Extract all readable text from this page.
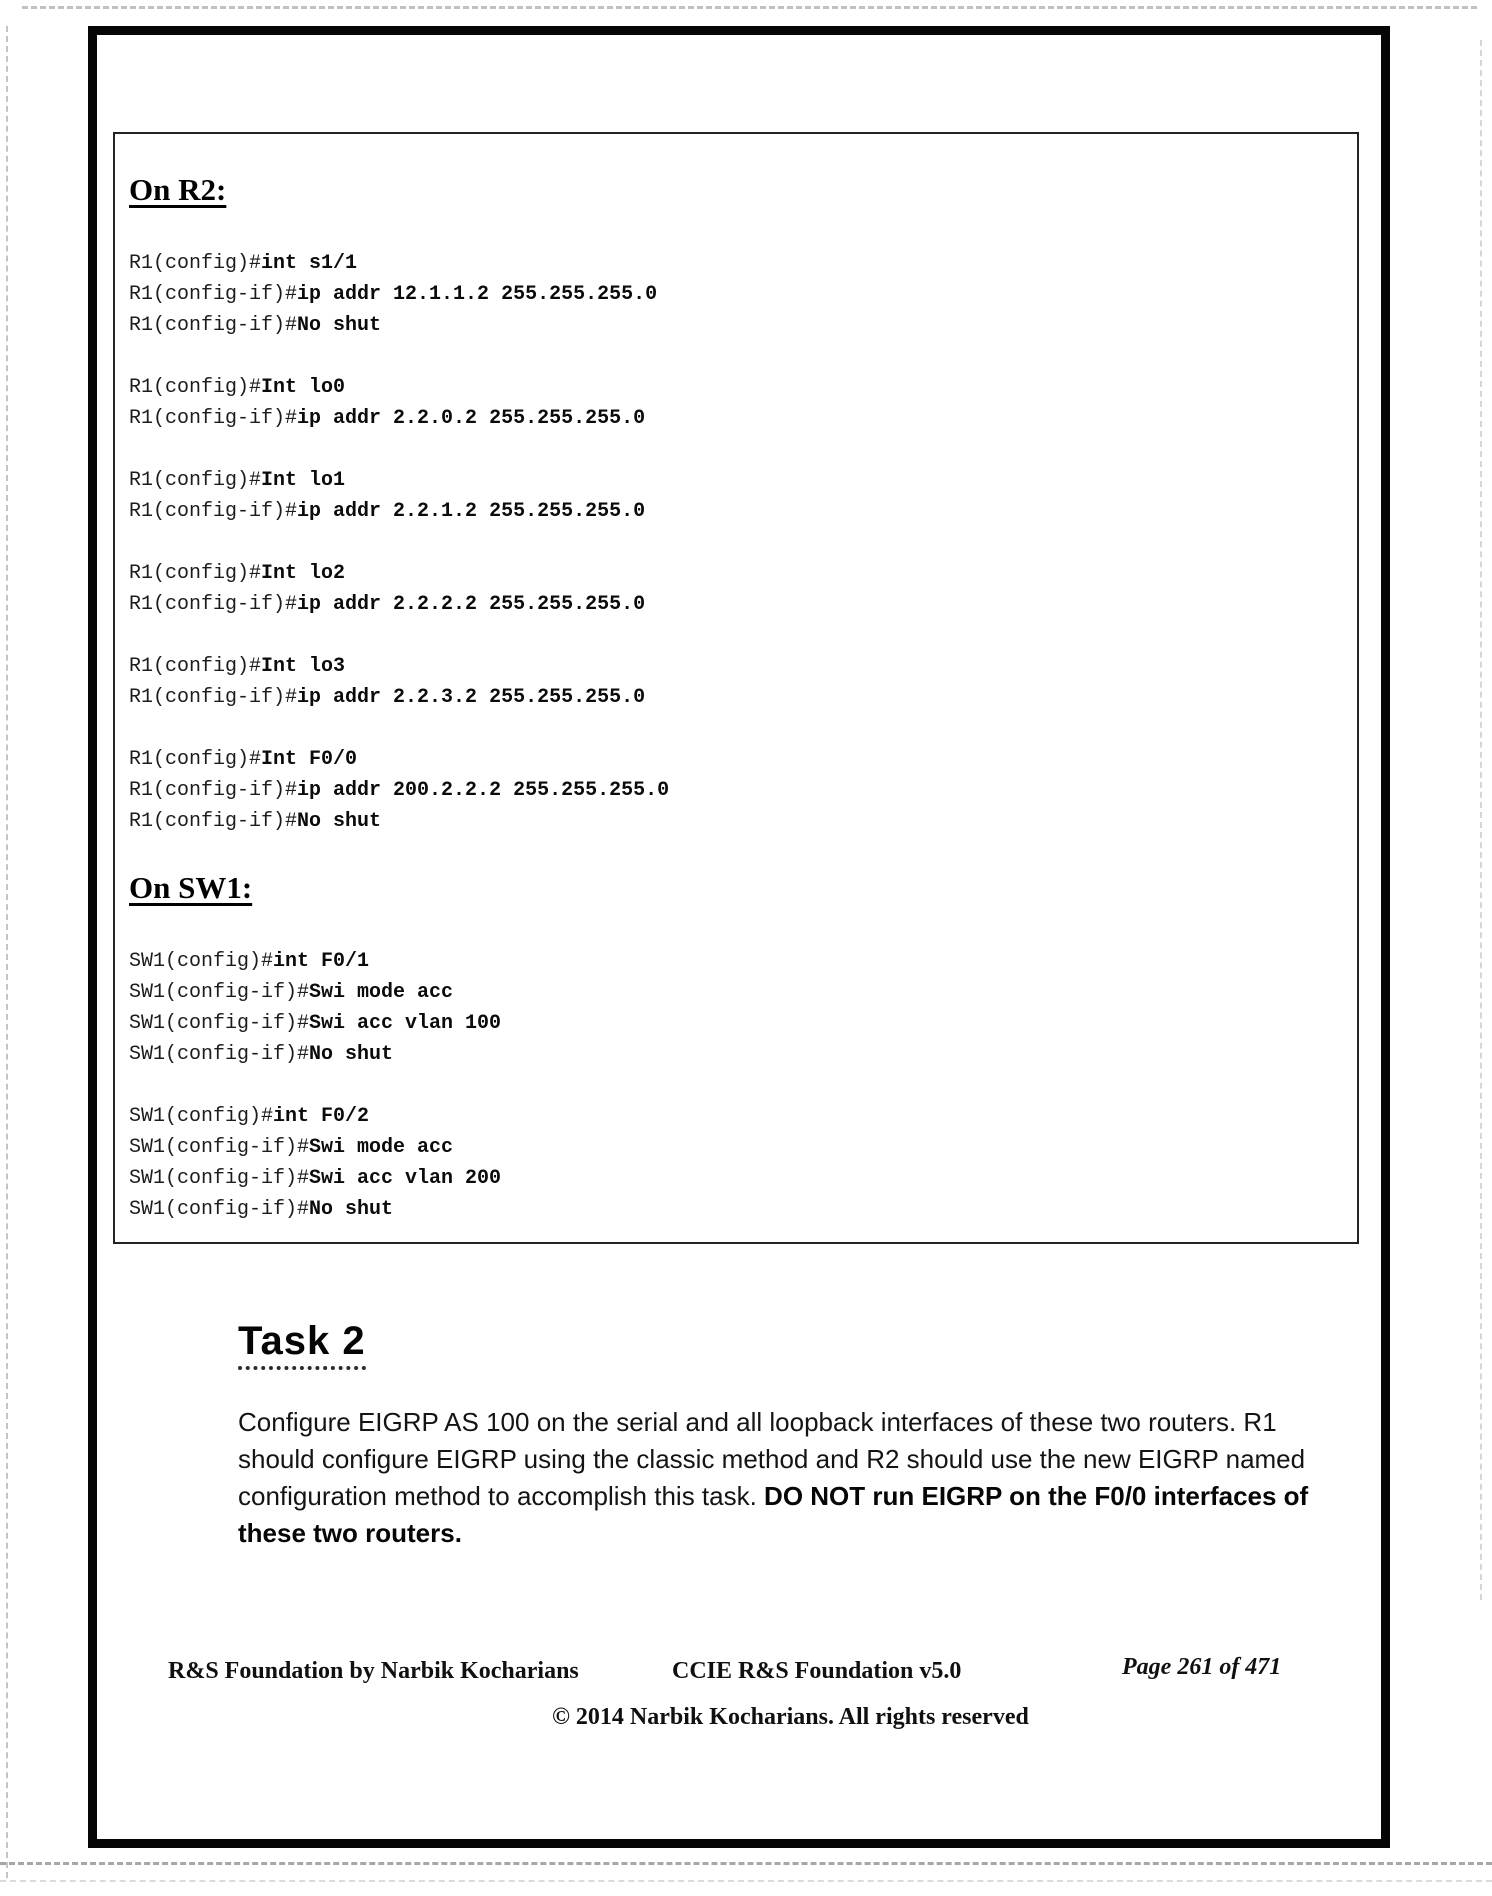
On R2:
R1(config)#int s1/1
R1(config-if)#ip addr 12.1.1.2 255.255.255.0
R1(config-if)#No shut
R1(config)#Int lo0
R1(config-if)#ip addr 2.2.0.2 255.255.255.0
R1(config)#Int lo1
R1(config-if)#ip addr 2.2.1.2 255.255.255.0
R1(config)#Int lo2
R1(config-if)#ip addr 2.2.2.2 255.255.255.0
R1(config)#Int lo3
R1(config-if)#ip addr 2.2.3.2 255.255.255.0
R1(config)#Int F0/0
R1(config-if)#ip addr 200.2.2.2 255.255.255.0
R1(config-if)#No shut
On SW1:
SW1(config)#int F0/1
SW1(config-if)#Swi mode acc
SW1(config-if)#Swi acc vlan 100
SW1(config-if)#No shut
SW1(config)#int F0/2
SW1(config-if)#Swi mode acc
SW1(config-if)#Swi acc vlan 200
SW1(config-if)#No shut
Task 2
Configure EIGRP AS 100 on the serial and all loopback interfaces of these two routers. R1
should configure EIGRP using the classic method and R2 should use the new EIGRP named
configuration method to accomplish this task. DO NOT run EIGRP on the F0/0 interfaces of
these two routers.
R&S Foundation by Narbik Kocharians	CCIE R&S Foundation v5.0	Page 261 of 471
© 2014 Narbik Kocharians. All rights reserved
